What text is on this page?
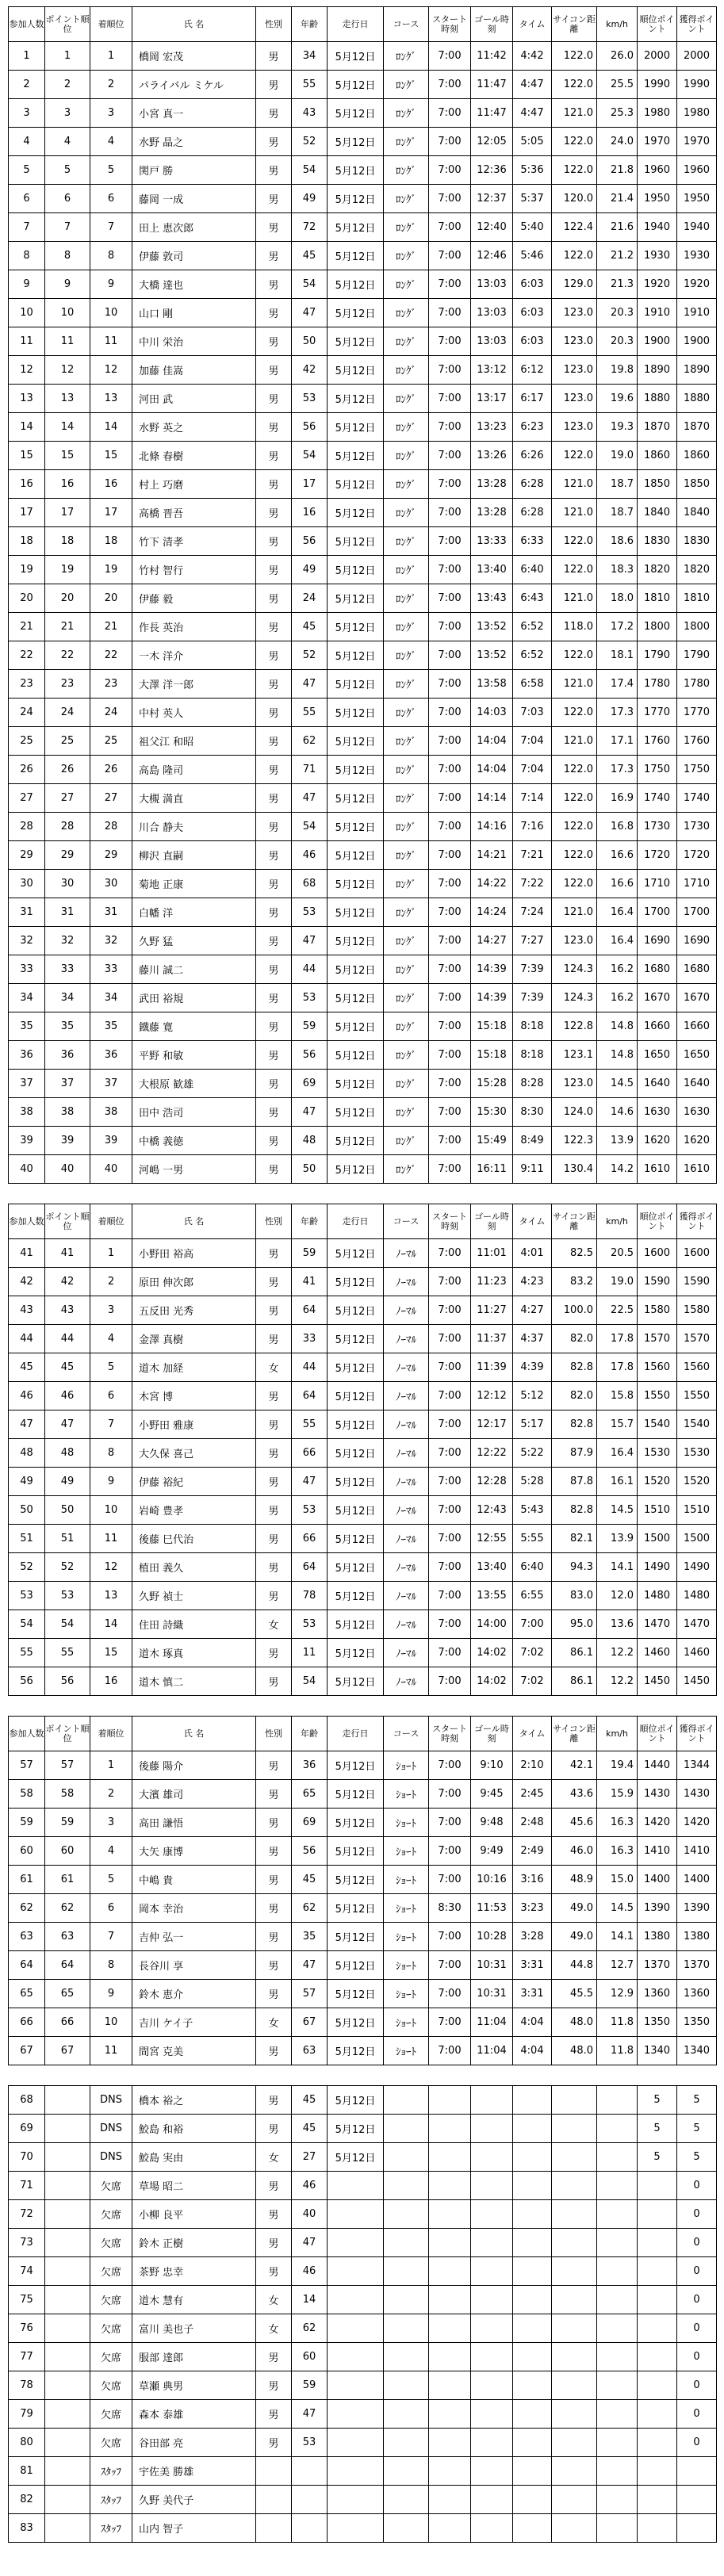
参加人数	ポイント順位	着順位	氏 名	性別	年齢	走行日	コース	スタート時刻	ゴール時刻	タイム	サイコン距離	km/h	順位ポイント	獲得ポイント
1	1	1	橋岡 宏茂	男	34	5月12日	ﾛﾝｸﾞ	7:00	11:42	4:42	122.0	26.0	2000	2000
2	2	2	パライバル ミケル	男	55	5月12日	ﾛﾝｸﾞ	7:00	11:47	4:47	122.0	25.5	1990	1990
3	3	3	小宮 真一	男	43	5月12日	ﾛﾝｸﾞ	7:00	11:47	4:47	121.0	25.3	1980	1980
4	4	4	水野 晶之	男	52	5月12日	ﾛﾝｸﾞ	7:00	12:05	5:05	122.0	24.0	1970	1970
5	5	5	関戸 勝	男	54	5月12日	ﾛﾝｸﾞ	7:00	12:36	5:36	122.0	21.8	1960	1960
6	6	6	藤岡 一成	男	49	5月12日	ﾛﾝｸﾞ	7:00	12:37	5:37	120.0	21.4	1950	1950
7	7	7	田上 恵次郎	男	72	5月12日	ﾛﾝｸﾞ	7:00	12:40	5:40	122.4	21.6	1940	1940
8	8	8	伊藤 敦司	男	45	5月12日	ﾛﾝｸﾞ	7:00	12:46	5:46	122.0	21.2	1930	1930
9	9	9	大橋 達也	男	54	5月12日	ﾛﾝｸﾞ	7:00	13:03	6:03	129.0	21.3	1920	1920
10	10	10	山口 剛	男	47	5月12日	ﾛﾝｸﾞ	7:00	13:03	6:03	123.0	20.3	1910	1910
11	11	11	中川 栄治	男	50	5月12日	ﾛﾝｸﾞ	7:00	13:03	6:03	123.0	20.3	1900	1900
12	12	12	加藤 佳嵩	男	42	5月12日	ﾛﾝｸﾞ	7:00	13:12	6:12	123.0	19.8	1890	1890
13	13	13	河田 武	男	53	5月12日	ﾛﾝｸﾞ	7:00	13:17	6:17	123.0	19.6	1880	1880
14	14	14	水野 英之	男	56	5月12日	ﾛﾝｸﾞ	7:00	13:23	6:23	123.0	19.3	1870	1870
15	15	15	北條 春樹	男	54	5月12日	ﾛﾝｸﾞ	7:00	13:26	6:26	122.0	19.0	1860	1860
16	16	16	村上 巧磨	男	17	5月12日	ﾛﾝｸﾞ	7:00	13:28	6:28	121.0	18.7	1850	1850
17	17	17	高橋 晋吾	男	16	5月12日	ﾛﾝｸﾞ	7:00	13:28	6:28	121.0	18.7	1840	1840
18	18	18	竹下 清孝	男	56	5月12日	ﾛﾝｸﾞ	7:00	13:33	6:33	122.0	18.6	1830	1830
19	19	19	竹村 智行	男	49	5月12日	ﾛﾝｸﾞ	7:00	13:40	6:40	122.0	18.3	1820	1820
20	20	20	伊藤 毅	男	24	5月12日	ﾛﾝｸﾞ	7:00	13:43	6:43	121.0	18.0	1810	1810
21	21	21	作長 英治	男	45	5月12日	ﾛﾝｸﾞ	7:00	13:52	6:52	118.0	17.2	1800	1800
22	22	22	一木 洋介	男	52	5月12日	ﾛﾝｸﾞ	7:00	13:52	6:52	122.0	18.1	1790	1790
23	23	23	大澤 洋一郎	男	47	5月12日	ﾛﾝｸﾞ	7:00	13:58	6:58	121.0	17.4	1780	1780
24	24	24	中村 英人	男	55	5月12日	ﾛﾝｸﾞ	7:00	14:03	7:03	122.0	17.3	1770	1770
25	25	25	祖父江 和昭	男	62	5月12日	ﾛﾝｸﾞ	7:00	14:04	7:04	121.0	17.1	1760	1760
26	26	26	高島 隆司	男	71	5月12日	ﾛﾝｸﾞ	7:00	14:04	7:04	122.0	17.3	1750	1750
27	27	27	大槻 満直	男	47	5月12日	ﾛﾝｸﾞ	7:00	14:14	7:14	122.0	16.9	1740	1740
28	28	28	川合 静夫	男	54	5月12日	ﾛﾝｸﾞ	7:00	14:16	7:16	122.0	16.8	1730	1730
29	29	29	柳沢 直嗣	男	46	5月12日	ﾛﾝｸﾞ	7:00	14:21	7:21	122.0	16.6	1720	1720
30	30	30	菊地 正康	男	68	5月12日	ﾛﾝｸﾞ	7:00	14:22	7:22	122.0	16.6	1710	1710
31	31	31	白幡 洋	男	53	5月12日	ﾛﾝｸﾞ	7:00	14:24	7:24	121.0	16.4	1700	1700
32	32	32	久野 猛	男	47	5月12日	ﾛﾝｸﾞ	7:00	14:27	7:27	123.0	16.4	1690	1690
33	33	33	藤川 誠二	男	44	5月12日	ﾛﾝｸﾞ	7:00	14:39	7:39	124.3	16.2	1680	1680
34	34	34	武田 裕規	男	53	5月12日	ﾛﾝｸﾞ	7:00	14:39	7:39	124.3	16.2	1670	1670
35	35	35	鐡藤 寛	男	59	5月12日	ﾛﾝｸﾞ	7:00	15:18	8:18	122.8	14.8	1660	1660
36	36	36	平野 和敏	男	56	5月12日	ﾛﾝｸﾞ	7:00	15:18	8:18	123.1	14.8	1650	1650
37	37	37	大根原 歓雄	男	69	5月12日	ﾛﾝｸﾞ	7:00	15:28	8:28	123.0	14.5	1640	1640
38	38	38	田中 浩司	男	47	5月12日	ﾛﾝｸﾞ	7:00	15:30	8:30	124.0	14.6	1630	1630
39	39	39	中橋 義徳	男	48	5月12日	ﾛﾝｸﾞ	7:00	15:49	8:49	122.3	13.9	1620	1620
40	40	40	河嶋 一男	男	50	5月12日	ﾛﾝｸﾞ	7:00	16:11	9:11	130.4	14.2	1610	1610

参加人数	ポイント順位	着順位	氏 名	性別	年齢	走行日	コース	スタート時刻	ゴール時刻	タイム	サイコン距離	km/h	順位ポイント	獲得ポイント
41	41	1	小野田 裕高	男	59	5月12日	ﾉｰﾏﾙ	7:00	11:01	4:01	82.5	20.5	1600	1600
42	42	2	原田 伸次郎	男	41	5月12日	ﾉｰﾏﾙ	7:00	11:23	4:23	83.2	19.0	1590	1590
43	43	3	五反田 光秀	男	64	5月12日	ﾉｰﾏﾙ	7:00	11:27	4:27	100.0	22.5	1580	1580
44	44	4	金澤 真樹	男	33	5月12日	ﾉｰﾏﾙ	7:00	11:37	4:37	82.0	17.8	1570	1570
45	45	5	道木 加経	女	44	5月12日	ﾉｰﾏﾙ	7:00	11:39	4:39	82.8	17.8	1560	1560
46	46	6	木宮 博	男	64	5月12日	ﾉｰﾏﾙ	7:00	12:12	5:12	82.0	15.8	1550	1550
47	47	7	小野田 雅康	男	55	5月12日	ﾉｰﾏﾙ	7:00	12:17	5:17	82.8	15.7	1540	1540
48	48	8	大久保 喜己	男	66	5月12日	ﾉｰﾏﾙ	7:00	12:22	5:22	87.9	16.4	1530	1530
49	49	9	伊藤 裕紀	男	47	5月12日	ﾉｰﾏﾙ	7:00	12:28	5:28	87.8	16.1	1520	1520
50	50	10	岩崎 豊孝	男	53	5月12日	ﾉｰﾏﾙ	7:00	12:43	5:43	82.8	14.5	1510	1510
51	51	11	後藤 巳代治	男	66	5月12日	ﾉｰﾏﾙ	7:00	12:55	5:55	82.1	13.9	1500	1500
52	52	12	植田 義久	男	64	5月12日	ﾉｰﾏﾙ	7:00	13:40	6:40	94.3	14.1	1490	1490
53	53	13	久野 禎士	男	78	5月12日	ﾉｰﾏﾙ	7:00	13:55	6:55	83.0	12.0	1480	1480
54	54	14	住田 詩織	女	53	5月12日	ﾉｰﾏﾙ	7:00	14:00	7:00	95.0	13.6	1470	1470
55	55	15	道木 琢真	男	11	5月12日	ﾉｰﾏﾙ	7:00	14:02	7:02	86.1	12.2	1460	1460
56	56	16	道木 慎二	男	54	5月12日	ﾉｰﾏﾙ	7:00	14:02	7:02	86.1	12.2	1450	1450

参加人数	ポイント順位	着順位	氏 名	性別	年齢	走行日	コース	スタート時刻	ゴール時刻	タイム	サイコン距離	km/h	順位ポイント	獲得ポイント
57	57	1	後藤 陽介	男	36	5月12日	ｼｮｰﾄ	7:00	9:10	2:10	42.1	19.4	1440	1344
58	58	2	大濱 雄司	男	65	5月12日	ｼｮｰﾄ	7:00	9:45	2:45	43.6	15.9	1430	1430
59	59	3	高田 謙悟	男	69	5月12日	ｼｮｰﾄ	7:00	9:48	2:48	45.6	16.3	1420	1420
60	60	4	大矢 康博	男	56	5月12日	ｼｮｰﾄ	7:00	9:49	2:49	46.0	16.3	1410	1410
61	61	5	中嶋 貴	男	45	5月12日	ｼｮｰﾄ	7:00	10:16	3:16	48.9	15.0	1400	1400
62	62	6	岡本 幸治	男	62	5月12日	ｼｮｰﾄ	8:30	11:53	3:23	49.0	14.5	1390	1390
63	63	7	吉仲 弘一	男	35	5月12日	ｼｮｰﾄ	7:00	10:28	3:28	49.0	14.1	1380	1380
64	64	8	長谷川 享	男	47	5月12日	ｼｮｰﾄ	7:00	10:31	3:31	44.8	12.7	1370	1370
65	65	9	鈴木 恵介	男	57	5月12日	ｼｮｰﾄ	7:00	10:31	3:31	45.5	12.9	1360	1360
66	66	10	吉川 ケイ子	女	67	5月12日	ｼｮｰﾄ	7:00	11:04	4:04	48.0	11.8	1350	1350
67	67	11	間宮 克美	男	63	5月12日	ｼｮｰﾄ	7:00	11:04	4:04	48.0	11.8	1340	1340

68		DNS	橋本 裕之	男	45	5月12日							5	5
69		DNS	鮫島 和裕	男	45	5月12日							5	5
70		DNS	鮫島 実由	女	27	5月12日							5	5
71		欠席	草場 昭二	男	46									0
72		欠席	小柳 良平	男	40									0
73		欠席	鈴木 正樹	男	47									0
74		欠席	茶野 忠幸	男	46									0
75		欠席	道木 慧有	女	14									0
76		欠席	富川 美也子	女	62									0
77		欠席	服部 達郎	男	60									0
78		欠席	草瀬 典男	男	59									0
79		欠席	森本 泰雄	男	47									0
80		欠席	谷田部 亮	男	53									0
81		ｽﾀｯﾌ	宇佐美 勝雄											
82		ｽﾀｯﾌ	久野 美代子											
83		ｽﾀｯﾌ	山内 智子											
